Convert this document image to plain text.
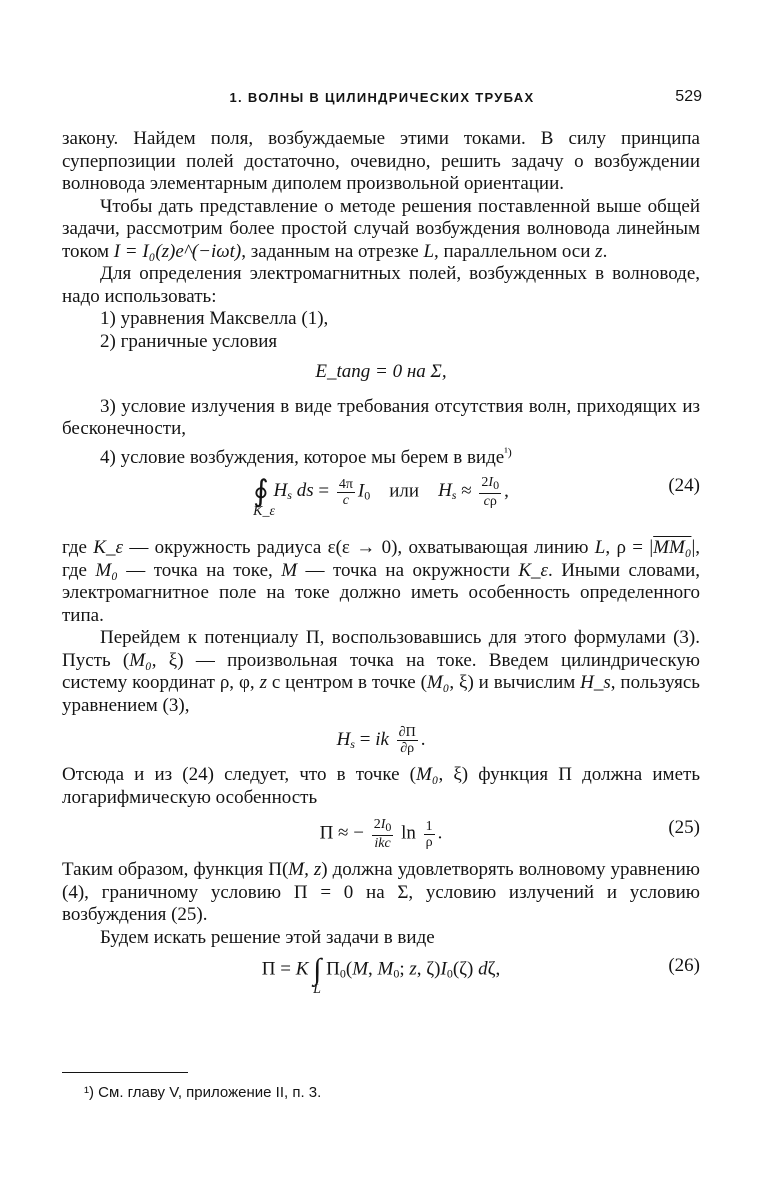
1. ВОЛНЫ В ЦИЛИНДРИЧЕСКИХ ТРУБАХ	529

закону. Найдем поля, возбуждаемые этими токами. В силу принципа суперпозиции полей достаточно, очевидно, решить задачу о возбуждении волновода элементарным диполем произвольной ориентации.

Чтобы дать представление о методе решения поставленной выше общей задачи, рассмотрим более простой случай возбуждения волновода линейным током I = I₀(z)e^(−iωt), заданным на отрезке L, параллельном оси z.

Для определения электромагнитных полей, возбужденных в волноводе, надо использовать:

1) уравнения Максвелла (1),

2) граничные условия

E_tang = 0 на Σ,

3) условие излучения в виде требования отсутствия волн, приходящих из бесконечности,

4) условие возбуждения, которое мы берем в виде$^{^1)}$

∮
K_ε
$H_s$ ds = $\frac{4\pi}{c} I_0$ или $H_s \approx \frac{2I_0}{c\rho}$ ,	(24)

где K_ε — окружность радиуса ε(ε → 0), охватывающая линию L, ρ = |MM₀|, где M₀ — точка на токе, M — точка на окружности K_ε. Иными словами, электромагнитное поле на токе должно иметь особенность определенного типа.

Перейдем к потенциалу Π, воспользовавшись для этого формулами (3). Пусть (M₀, ξ) — произвольная точка на токе. Введем цилиндрическую систему координат ρ, φ, z с центром в точке (M₀, ξ) и вычислим H_s, пользуясь уравнением (3),

$H_s$ = ik $\frac{\partial\Pi}{\partial\rho}$ .

Отсюда и из (24) следует, что в точке (M₀, ξ) функция Π должна иметь логарифмическую особенность

Π ≈ − $\frac{2I_0}{\text{ikc}}$ $\ln \frac{1}{\rho}$ .	(25)

Таким образом, функция Π(M, z) должна удовлетворять волновому уравнению (4), граничному условию Π = 0 на Σ, условию излучений и условию возбуждения (25).

Будем искать решение этой задачи в виде

Π = K ∫
L
$\Pi_0(M$, $M_0$; z, $\zeta)I_0(\zeta)$ dζ,	(26)
¹) См. главу V, приложение II, п. 3.
